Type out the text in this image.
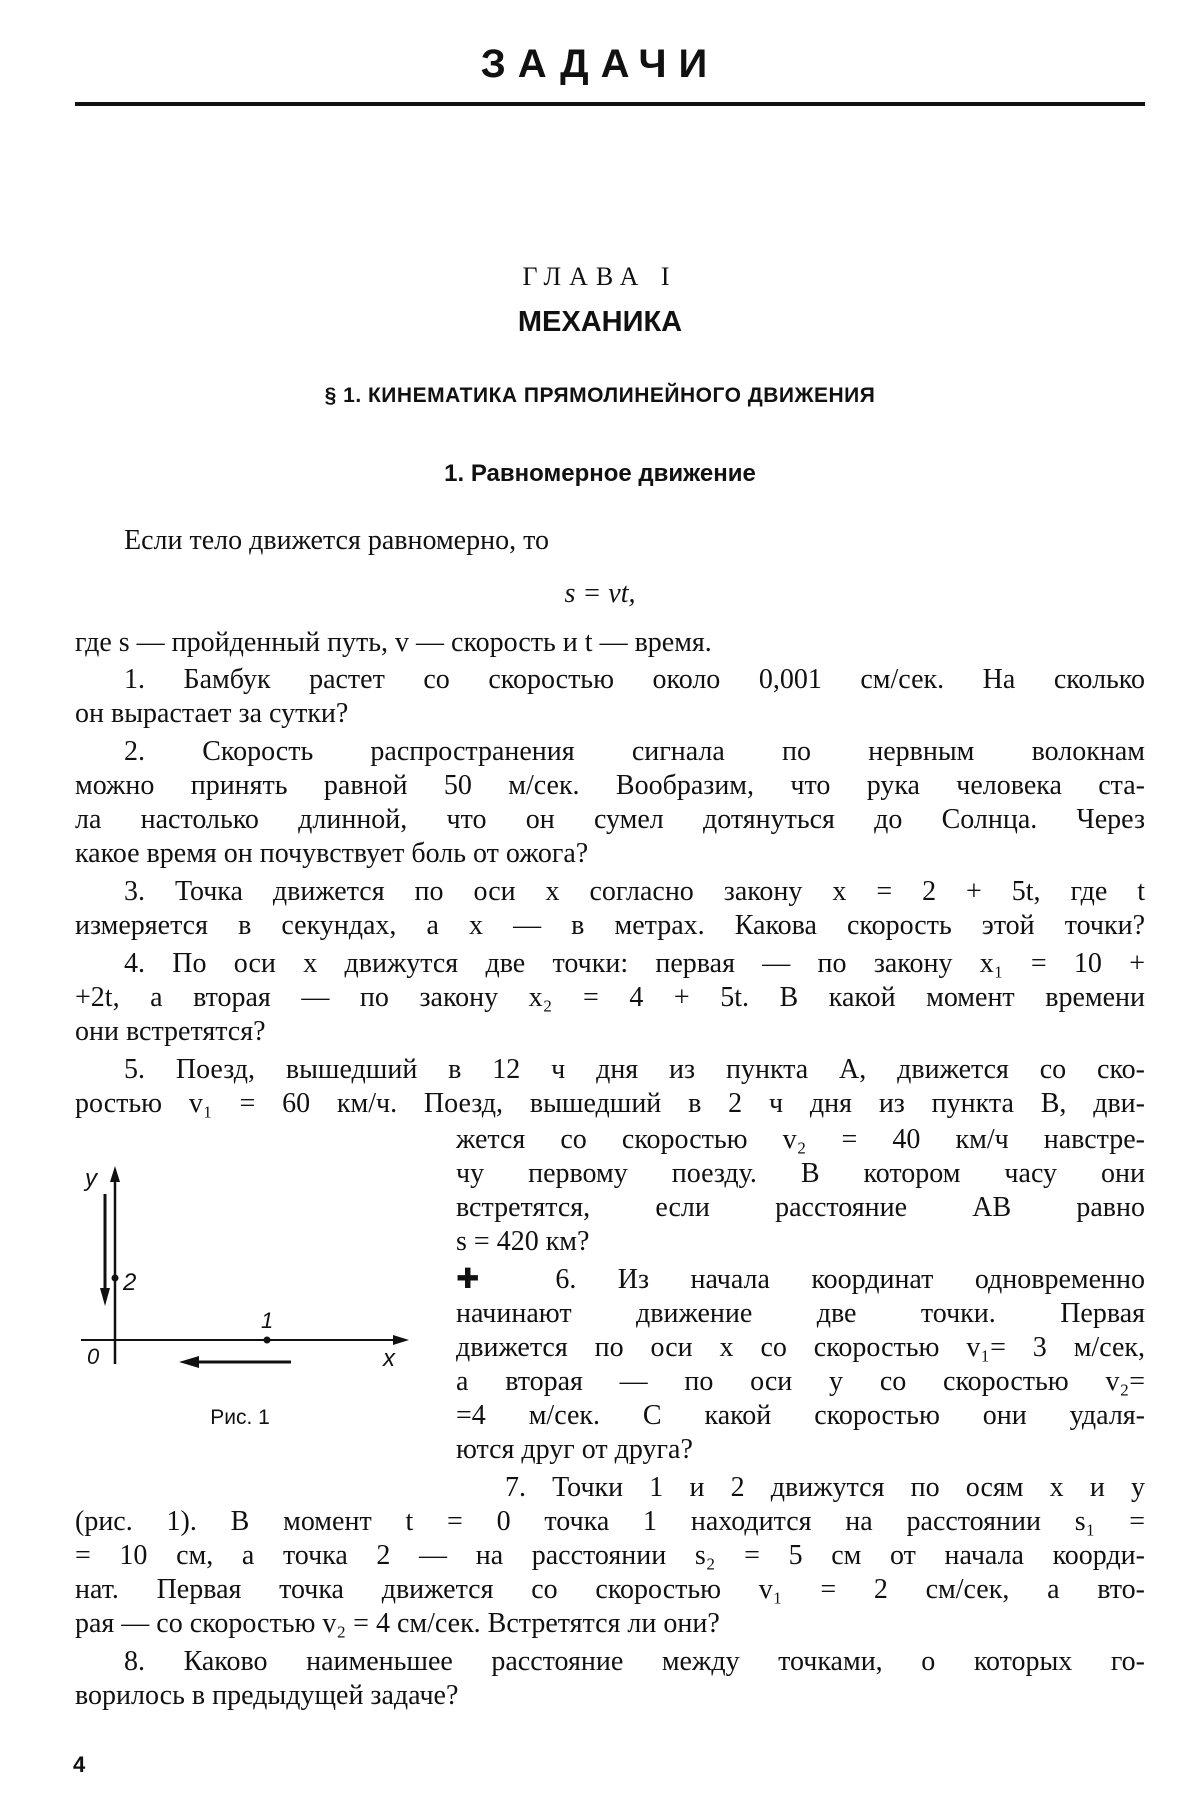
ЗАДАЧИ
ГЛАВА I
МЕХАНИКА
§ 1. КИНЕМАТИКА ПРЯМОЛИНЕЙНОГО ДВИЖЕНИЯ
1. Равномерное движение
Если тело движется равномерно, то
s = vt,
где s — пройденный путь, v — скорость и t — время.
1. Бамбук растет со скоростью около 0,001 см/сек. На сколько
он вырастает за сутки?
2. Скорость распространения сигнала по нервным волокнам
можно принять равной 50 м/сек. Вообразим, что рука человека ста-
ла настолько длинной, что он сумел дотянуться до Солнца. Через
какое время он почувствует боль от ожога?
3. Точка движется по оси x согласно закону x = 2 + 5t, где t
измеряется в секундах, а x — в метрах. Какова скорость этой точки?
4. По оси x движутся две точки: первая — по закону x₁ = 10 +
+2t, а вторая — по закону x₂ = 4 + 5t. В какой момент времени
они встретятся?
5. Поезд, вышедший в 12 ч дня из пункта A, движется со ско-
ростью v₁ = 60 км/ч. Поезд, вышедший в 2 ч дня из пункта B, дви-
жется со скоростью v₂ = 40 км/ч навстре-
чу первому поезду. В котором часу они
встретятся, если расстояние AB равно
s = 420 км?
✚ 6. Из начала координат одновременно
начинают движение две точки. Первая
движется по оси x со скоростью v₁= 3 м/сек,
а вторая — по оси y со скоростью v₂=
=4 м/сек. С какой скоростью они удаля-
ются друг от друга?
7. Точки 1 и 2 движутся по осям x и y
(рис. 1). В момент t = 0 точка 1 находится на расстоянии s₁ =
= 10 см, а точка 2 — на расстоянии s₂ = 5 см от начала коорди-
нат. Первая точка движется со скоростью v₁ = 2 см/сек, а вто-
рая — со скоростью v₂ = 4 см/сек. Встретятся ли они?
8. Каково наименьшее расстояние между точками, о которых го-
ворилось в предыдущей задаче?
y
2
1
0	x
Рис. 1
4
